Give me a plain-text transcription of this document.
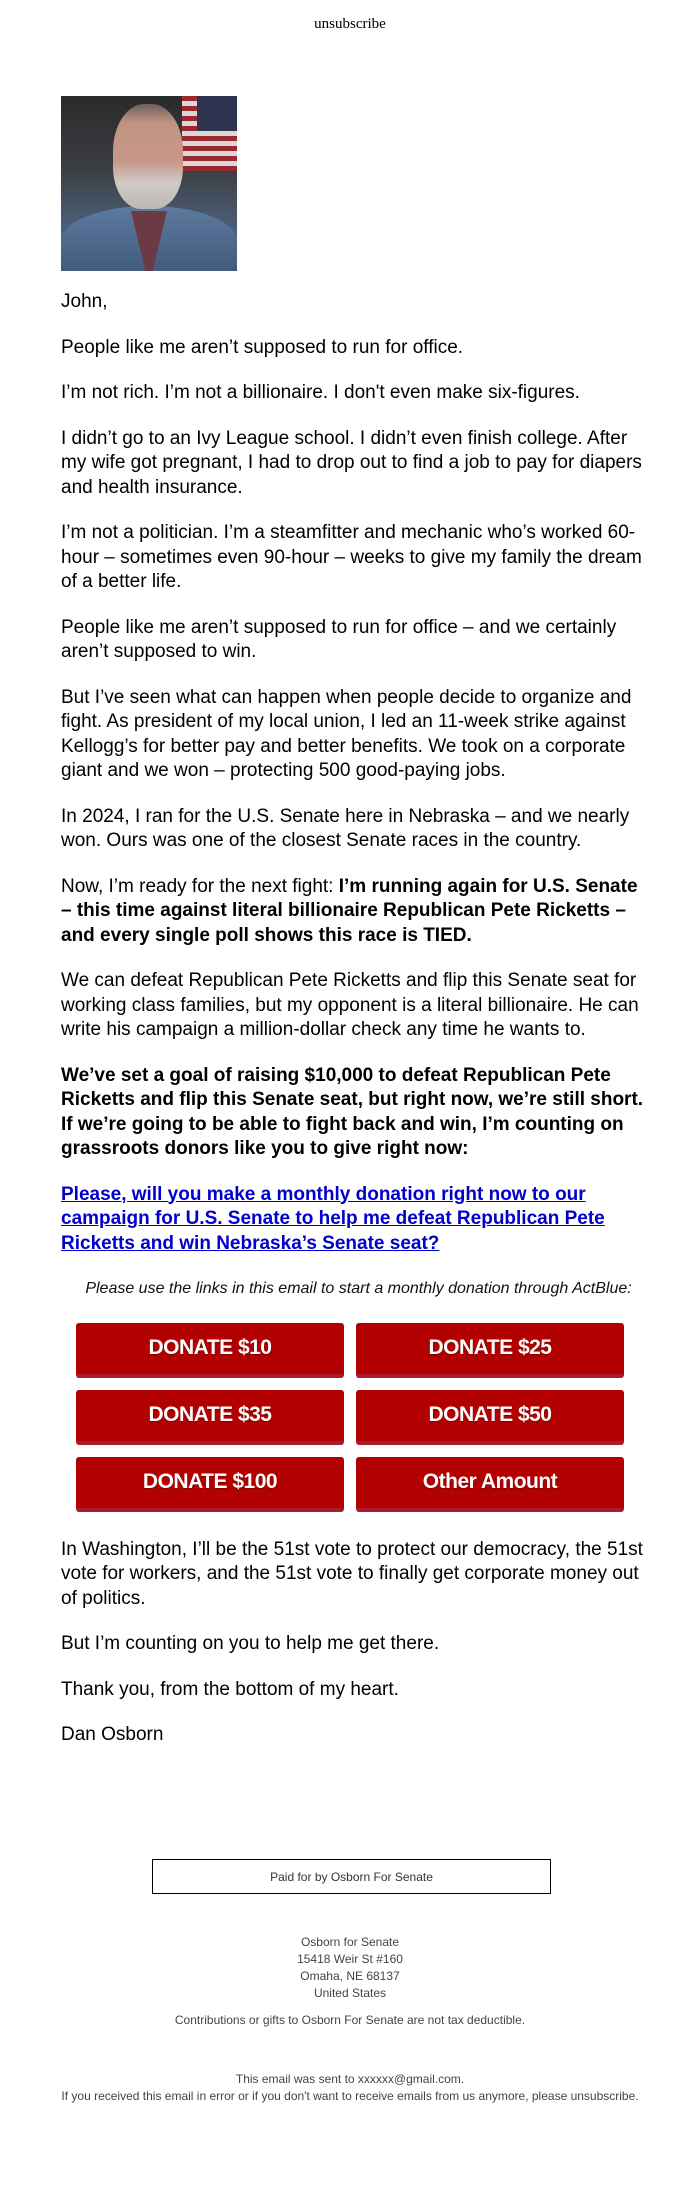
unsubscribe

John,

People like me aren’t supposed to run for office.

I’m not rich. I’m not a billionaire. I don't even make six-figures.

I didn’t go to an Ivy League school. I didn’t even finish college. After my wife got pregnant, I had to drop out to find a job to pay for diapers and health insurance.

I’m not a politician. I’m a steamfitter and mechanic who’s worked 60-hour – sometimes even 90-hour – weeks to give my family the dream of a better life.

People like me aren’t supposed to run for office – and we certainly aren’t supposed to win.

But I’ve seen what can happen when people decide to organize and fight. As president of my local union, I led an 11-week strike against Kellogg’s for better pay and better benefits. We took on a corporate giant and we won – protecting 500 good-paying jobs.

In 2024, I ran for the U.S. Senate here in Nebraska – and we nearly won. Ours was one of the closest Senate races in the country.

Now, I’m ready for the next fight: I’m running again for U.S. Senate – this time against literal billionaire Republican Pete Ricketts – and every single poll shows this race is TIED.

We can defeat Republican Pete Ricketts and flip this Senate seat for working class families, but my opponent is a literal billionaire. He can write his campaign a million-dollar check any time he wants to.

We’ve set a goal of raising $10,000 to defeat Republican Pete Ricketts and flip this Senate seat, but right now, we’re still short. If we’re going to be able to fight back and win, I’m counting on grassroots donors like you to give right now:

Please, will you make a monthly donation right now to our campaign for U.S. Senate to help me defeat Republican Pete Ricketts and win Nebraska’s Senate seat?

Please use the links in this email to start a monthly donation through ActBlue:

DONATE $10	DONATE $25
DONATE $35	DONATE $50
DONATE $100	Other Amount

In Washington, I’ll be the 51st vote to protect our democracy, the 51st vote for workers, and the 51st vote to finally get corporate money out of politics.

But I’m counting on you to help me get there.

Thank you, from the bottom of my heart.

Dan Osborn

Paid for by Osborn For Senate
Osborn for Senate
15418 Weir St #160
Omaha, NE 68137
United States
Contributions or gifts to Osborn For Senate are not tax deductible.
This email was sent to xxxxxx@gmail.com.
If you received this email in error or if you don't want to receive emails from us anymore, please unsubscribe.
